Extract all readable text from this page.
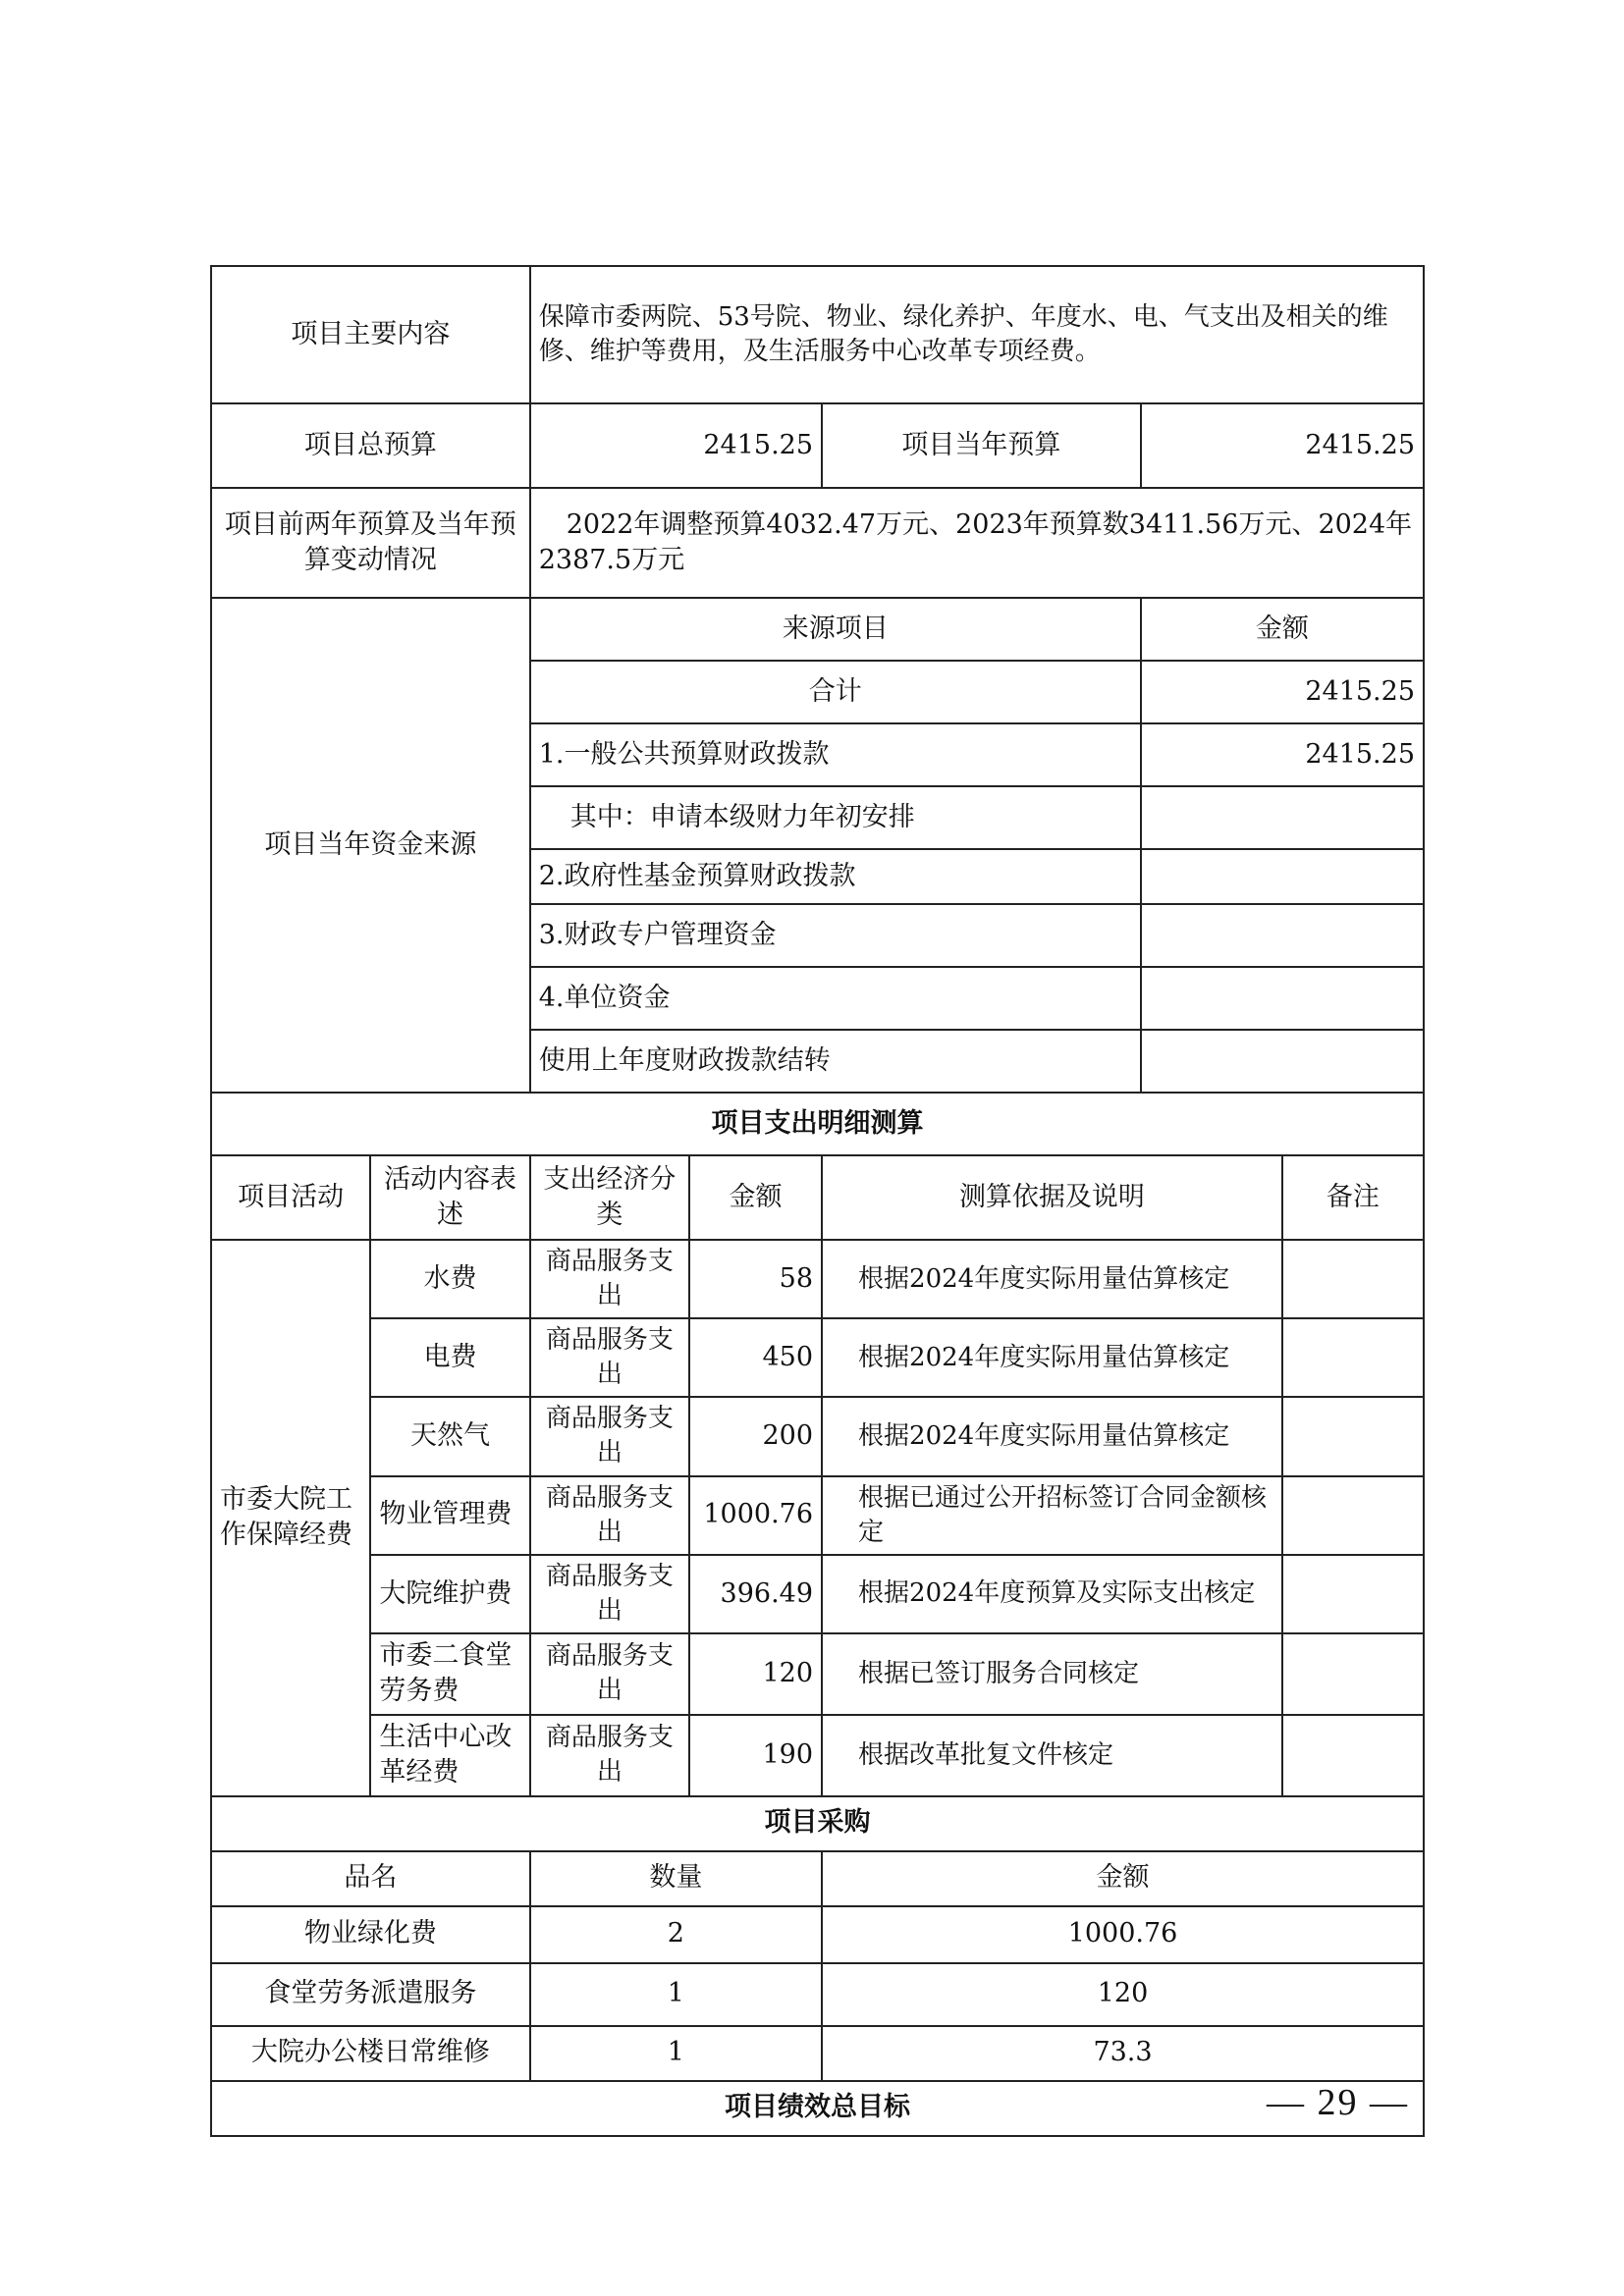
项目主要内容		保障市委两院、53号院、物业、绿化养护、年度水、电、气支出及相关的维修、维护等费用，及生活服务中心改革专项经费。				
项目总预算		2415.25		项目当年预算	2415.25	
项目前两年预算及当年预算变动情况		2022年调整预算4032.47万元、2023年预算数3411.56万元、2024年2387.5万元				
项目当年资金来源		来源项目			金额	
		合计			2415.25	
		1.一般公共预算财政拨款			2415.25	
		其中：申请本级财力年初安排				
		2.政府性基金预算财政拨款				
		3.财政专户管理资金				
		4.单位资金				
		使用上年度财政拨款结转				
项目支出明细测算						
项目活动	活动内容表述	支出经济分类	金额	测算依据及说明		备注
市委大院工作保障经费	水费	商品服务支出	58	根据2024年度实际用量估算核定		
	电费	商品服务支出	450	根据2024年度实际用量估算核定		
	天然气	商品服务支出	200	根据2024年度实际用量估算核定		
	物业管理费	商品服务支出	1000.76	根据已通过公开招标签订合同金额核定		
	大院维护费	商品服务支出	396.49	根据2024年度预算及实际支出核定		
	市委二食堂劳务费	商品服务支出	120	根据已签订服务合同核定		
	生活中心改革经费	商品服务支出	190	根据改革批复文件核定		
项目采购						
品名		数量		金额		
物业绿化费		2		1000.76		
食堂劳务派遣服务		1		120		
大院办公楼日常维修		1		73.3		
项目绩效总目标							— 29 —
